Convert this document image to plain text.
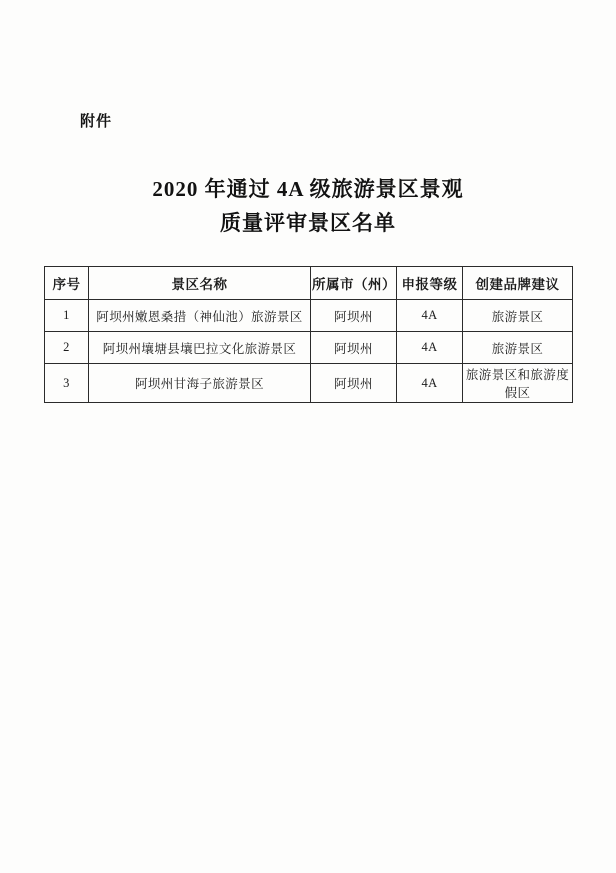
附件
2020 年通过 4A 级旅游景区景观
质量评审景区名单
序号	景区名称	所属市（州）	申报等级	创建品牌建议
1	阿坝州嫩恩桑措（神仙池）旅游景区	阿坝州	4A	旅游景区
2	阿坝州壤塘县壤巴拉文化旅游景区	阿坝州	4A	旅游景区
3	阿坝州甘海子旅游景区	阿坝州	4A	旅游景区和旅游度假区
